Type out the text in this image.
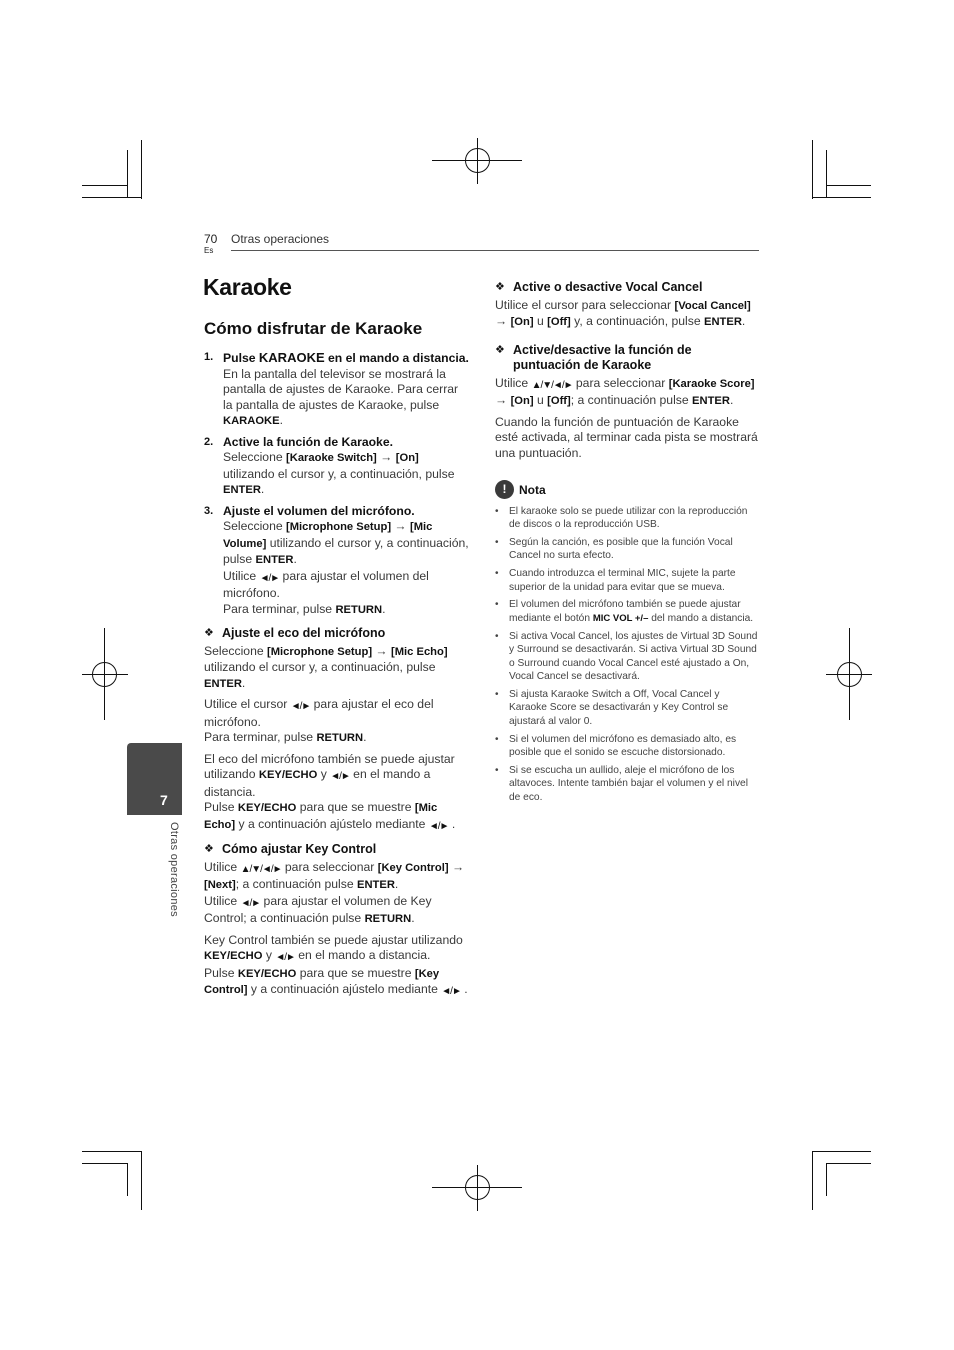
70
Es
Otras operaciones
Karaoke
Cómo disfrutar de Karaoke
1. Pulse KARAOKE en el mando a distancia.

En la pantalla del televisor se mostrará la pantalla de ajustes de Karaoke. Para cerrar la pantalla de ajustes de Karaoke, pulse KARAOKE.

2. Active la función de Karaoke.

Seleccione [Karaoke Switch] → [On] utilizando el cursor y, a continuación, pulse ENTER.

3. Ajuste el volumen del micrófono.

Seleccione [Microphone Setup] → [Mic Volume] utilizando el cursor y, a continuación, pulse ENTER.

Utilice ◄/► para ajustar el volumen del micrófono.

Para terminar, pulse RETURN.

❖ Ajuste el eco del micrófono
Seleccione [Microphone Setup] → [Mic Echo] utilizando el cursor y, a continuación, pulse ENTER.
Utilice el cursor ◄/► para ajustar el eco del micrófono.
Para terminar, pulse RETURN.
El eco del micrófono también se puede ajustar utilizando KEY/ECHO y ◄/► en el mando a distancia.
Pulse KEY/ECHO para que se muestre [Mic Echo] y a continuación ajústelo mediante ◄/► .
❖ Cómo ajustar Key Control
Utilice ▲/▼/◄/► para seleccionar [Key Control] → [Next]; a continuación pulse ENTER.
Utilice ◄/► para ajustar el volumen de Key Control; a continuación pulse RETURN.
Key Control también se puede ajustar utilizando KEY/ECHO y ◄/► en el mando a distancia.
Pulse KEY/ECHO para que se muestre [Key Control] y a continuación ajústelo mediante ◄/► .
❖ Active o desactive Vocal Cancel
Utilice el cursor para seleccionar [Vocal Cancel] → [On] u [Off] y, a continuación, pulse ENTER.
❖ Active/desactive la función de puntuación de Karaoke
Utilice ▲/▼/◄/► para seleccionar [Karaoke Score] → [On] u [Off]; a continuación pulse ENTER.
Cuando la función de puntuación de Karaoke esté activada, al terminar cada pista se mostrará una puntuación.
!	Nota
• El karaoke solo se puede utilizar con la reproducción de discos o la reproducción USB.
• Según la canción, es posible que la función Vocal Cancel no surta efecto.
• Cuando introduzca el terminal MIC, sujete la parte superior de la unidad para evitar que se mueva.
• El volumen del micrófono también se puede ajustar mediante el botón MIC VOL +/– del mando a distancia.
• Si activa Vocal Cancel, los ajustes de Virtual 3D Sound y Surround se desactivarán. Si activa Virtual 3D Sound o Surround cuando Vocal Cancel esté ajustado a On, Vocal Cancel se desactivará.
• Si ajusta Karaoke Switch a Off, Vocal Cancel y Karaoke Score se desactivarán y Key Control se ajustará al valor 0.
• Si el volumen del micrófono es demasiado alto, es posible que el sonido se escuche distorsionado.
• Si se escucha un aullido, aleje el micrófono de los altavoces. Intente también bajar el volumen y el nivel de eco.
7
Otras operaciones
